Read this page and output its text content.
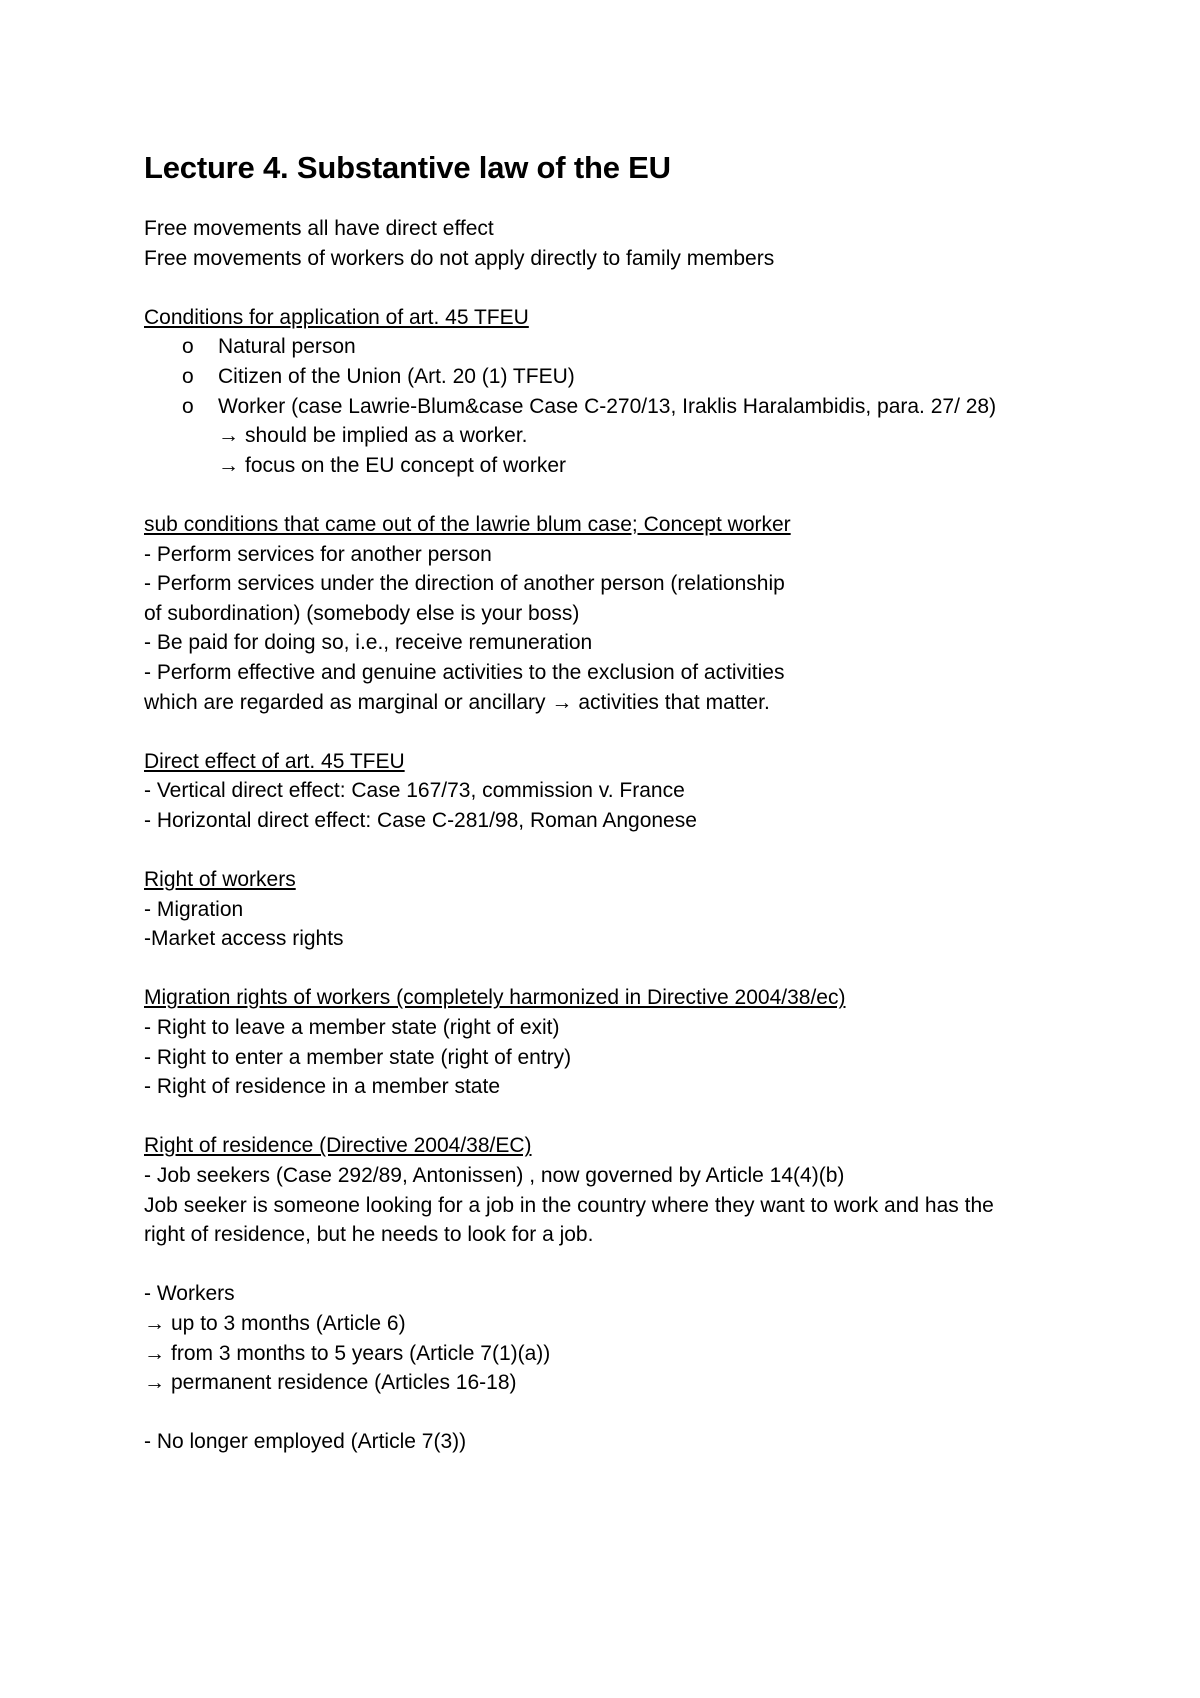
Lecture 4. Substantive law of the EU
Free movements all have direct effect
Free movements of workers do not apply directly to family members
Conditions for application of art. 45 TFEU
o Natural person
o Citizen of the Union (Art. 20 (1) TFEU)
o Worker (case Lawrie-Blum&case Case C-270/13, Iraklis Haralambidis, para. 27/ 28)
→ should be implied as a worker.
→ focus on the EU concept of worker
sub conditions that came out of the lawrie blum case; Concept worker
- Perform services for another person
- Perform services under the direction of another person (relationship
of subordination) (somebody else is your boss)
- Be paid for doing so, i.e., receive remuneration
- Perform effective and genuine activities to the exclusion of activities
which are regarded as marginal or ancillary → activities that matter.
Direct effect of art. 45 TFEU
- Vertical direct effect: Case 167/73, commission v. France
- Horizontal direct effect: Case C-281/98, Roman Angonese
Right of workers
- Migration
-Market access rights
Migration rights of workers (completely harmonized in Directive 2004/38/ec)
- Right to leave a member state (right of exit)
- Right to enter a member state (right of entry)
- Right of residence in a member state
Right of residence (Directive 2004/38/EC)
- Job seekers (Case 292/89, Antonissen) , now governed by Article 14(4)(b)
Job seeker is someone looking for a job in the country where they want to work and has the
right of residence, but he needs to look for a job.
- Workers
→ up to 3 months (Article 6)
→ from 3 months to 5 years (Article 7(1)(a))
→ permanent residence (Articles 16-18)
- No longer employed (Article 7(3))
